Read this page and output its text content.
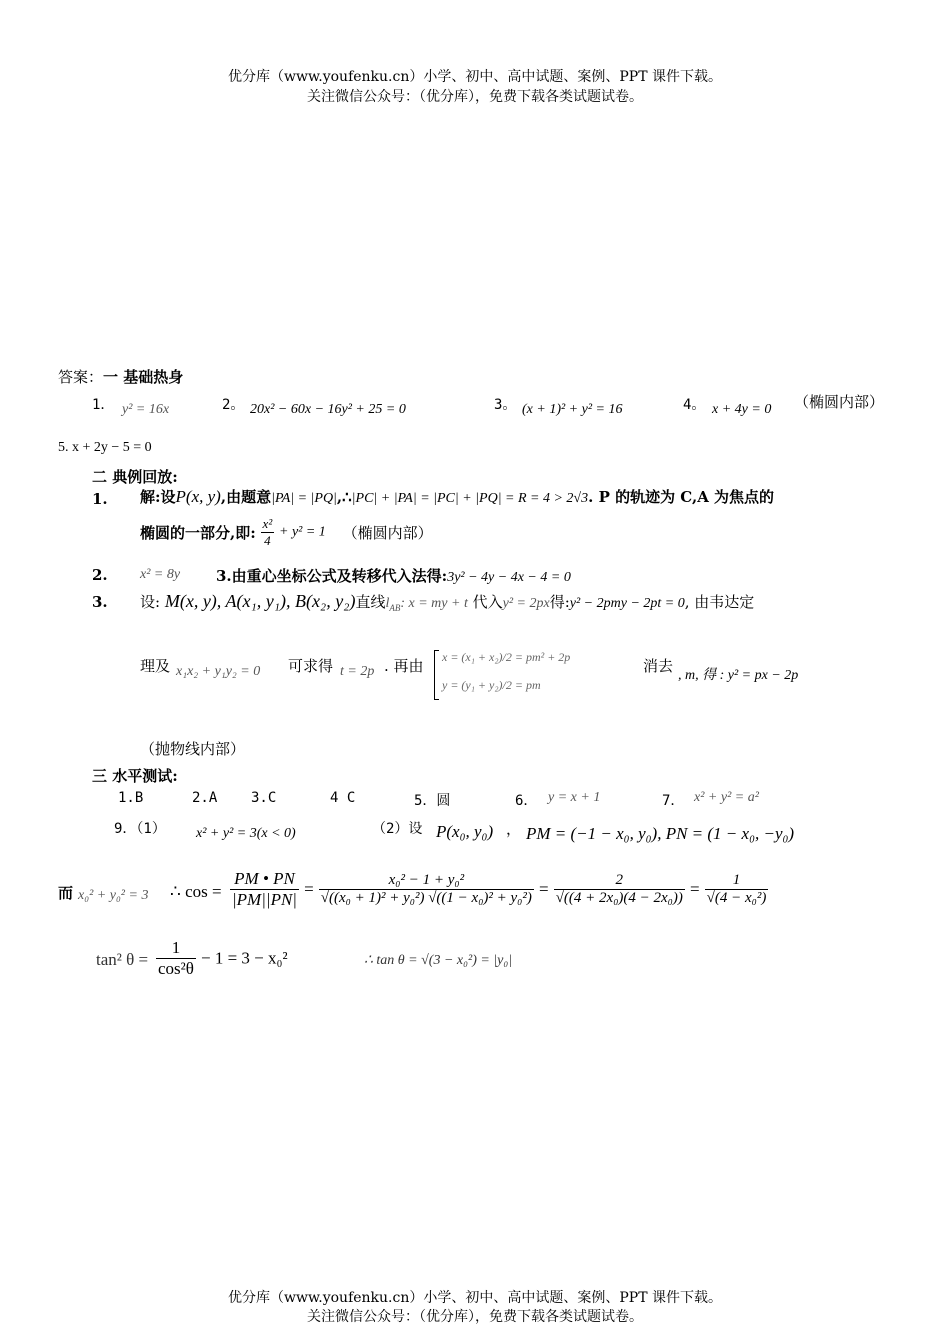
优分库（www.youfenku.cn）小学、初中、高中试题、案例、PPT 课件下载。
关注微信公众号：（优分库），免费下载各类试题试卷。
答案：一 基础热身
1． y² = 16x	2。 20x² − 60x − 16y² + 25 = 0	3。 (x + 1)² + y² = 16	4。 x + 4y = 0 （椭圆内部）
5. x + 2y − 5 = 0
二 典例回放:
1. 解:设P(x, y),由题意|PA| = |PQ|,∴|PC| + |PA| = |PC| + |PQ| = R = 4 > 2√3. P 的轨迹为 C,A 为焦点的
椭圆的一部分,即: $\frac{\text{x²}}{4} + y^2 = 1$ （椭圆内部）
2. x² = 8y 3.由重心坐标公式及转移代入法得:3y² − 4y − 4x − 4 = 0
3. 设: M(x, y), A(x₁, y₁), B(x₂, y₂)直线$l_{AB}$: x = my + t 代入y² = 2px得:y² − 2pmy − 2pt = 0, 由韦达定
理及 x₁x₂ + y₁y₂ = 0 可求得 t = 2p . 再由 x = (x₁ + x₂)/2 = pm² + 2p
y = (y₁ + y₂)/2 = pm
消去
, m, 得 : y² = px − 2p
（抛物线内部）
三 水平测试:
1.B	2.A 3.C	4 C	5．圆	6． y = x + 1	7． x² + y² = a²
9．（1） x² + y² = 3(x < 0)	（2）设 P(x₀, y₀) ， PM = (−1 − x₀, y₀), PN = (1 − x₀, −y₀)
而 x₀² + y₀² = 3 ∴ $\cos = \frac{PM • PN}{|PM||PN|} = \frac{\text{x₀² − 1 + y₀²}}{\text{√((x₀ + 1)² + y₀²) √((1 − x₀)² + y₀²)}} = \frac{2}{\text{√((4 + 2x₀)(4 − 2x₀))}} = \frac{1}{\text{√(4 − x₀²)}}$
tan² $\theta = \frac{1}{\text{cos²θ}} - 1 = 3 - x_0^2$	∴ tan θ = √(3 − x₀²) = |y₀|
优分库（www.youfenku.cn）小学、初中、高中试题、案例、PPT 课件下载。
关注微信公众号：（优分库），免费下载各类试题试卷。
